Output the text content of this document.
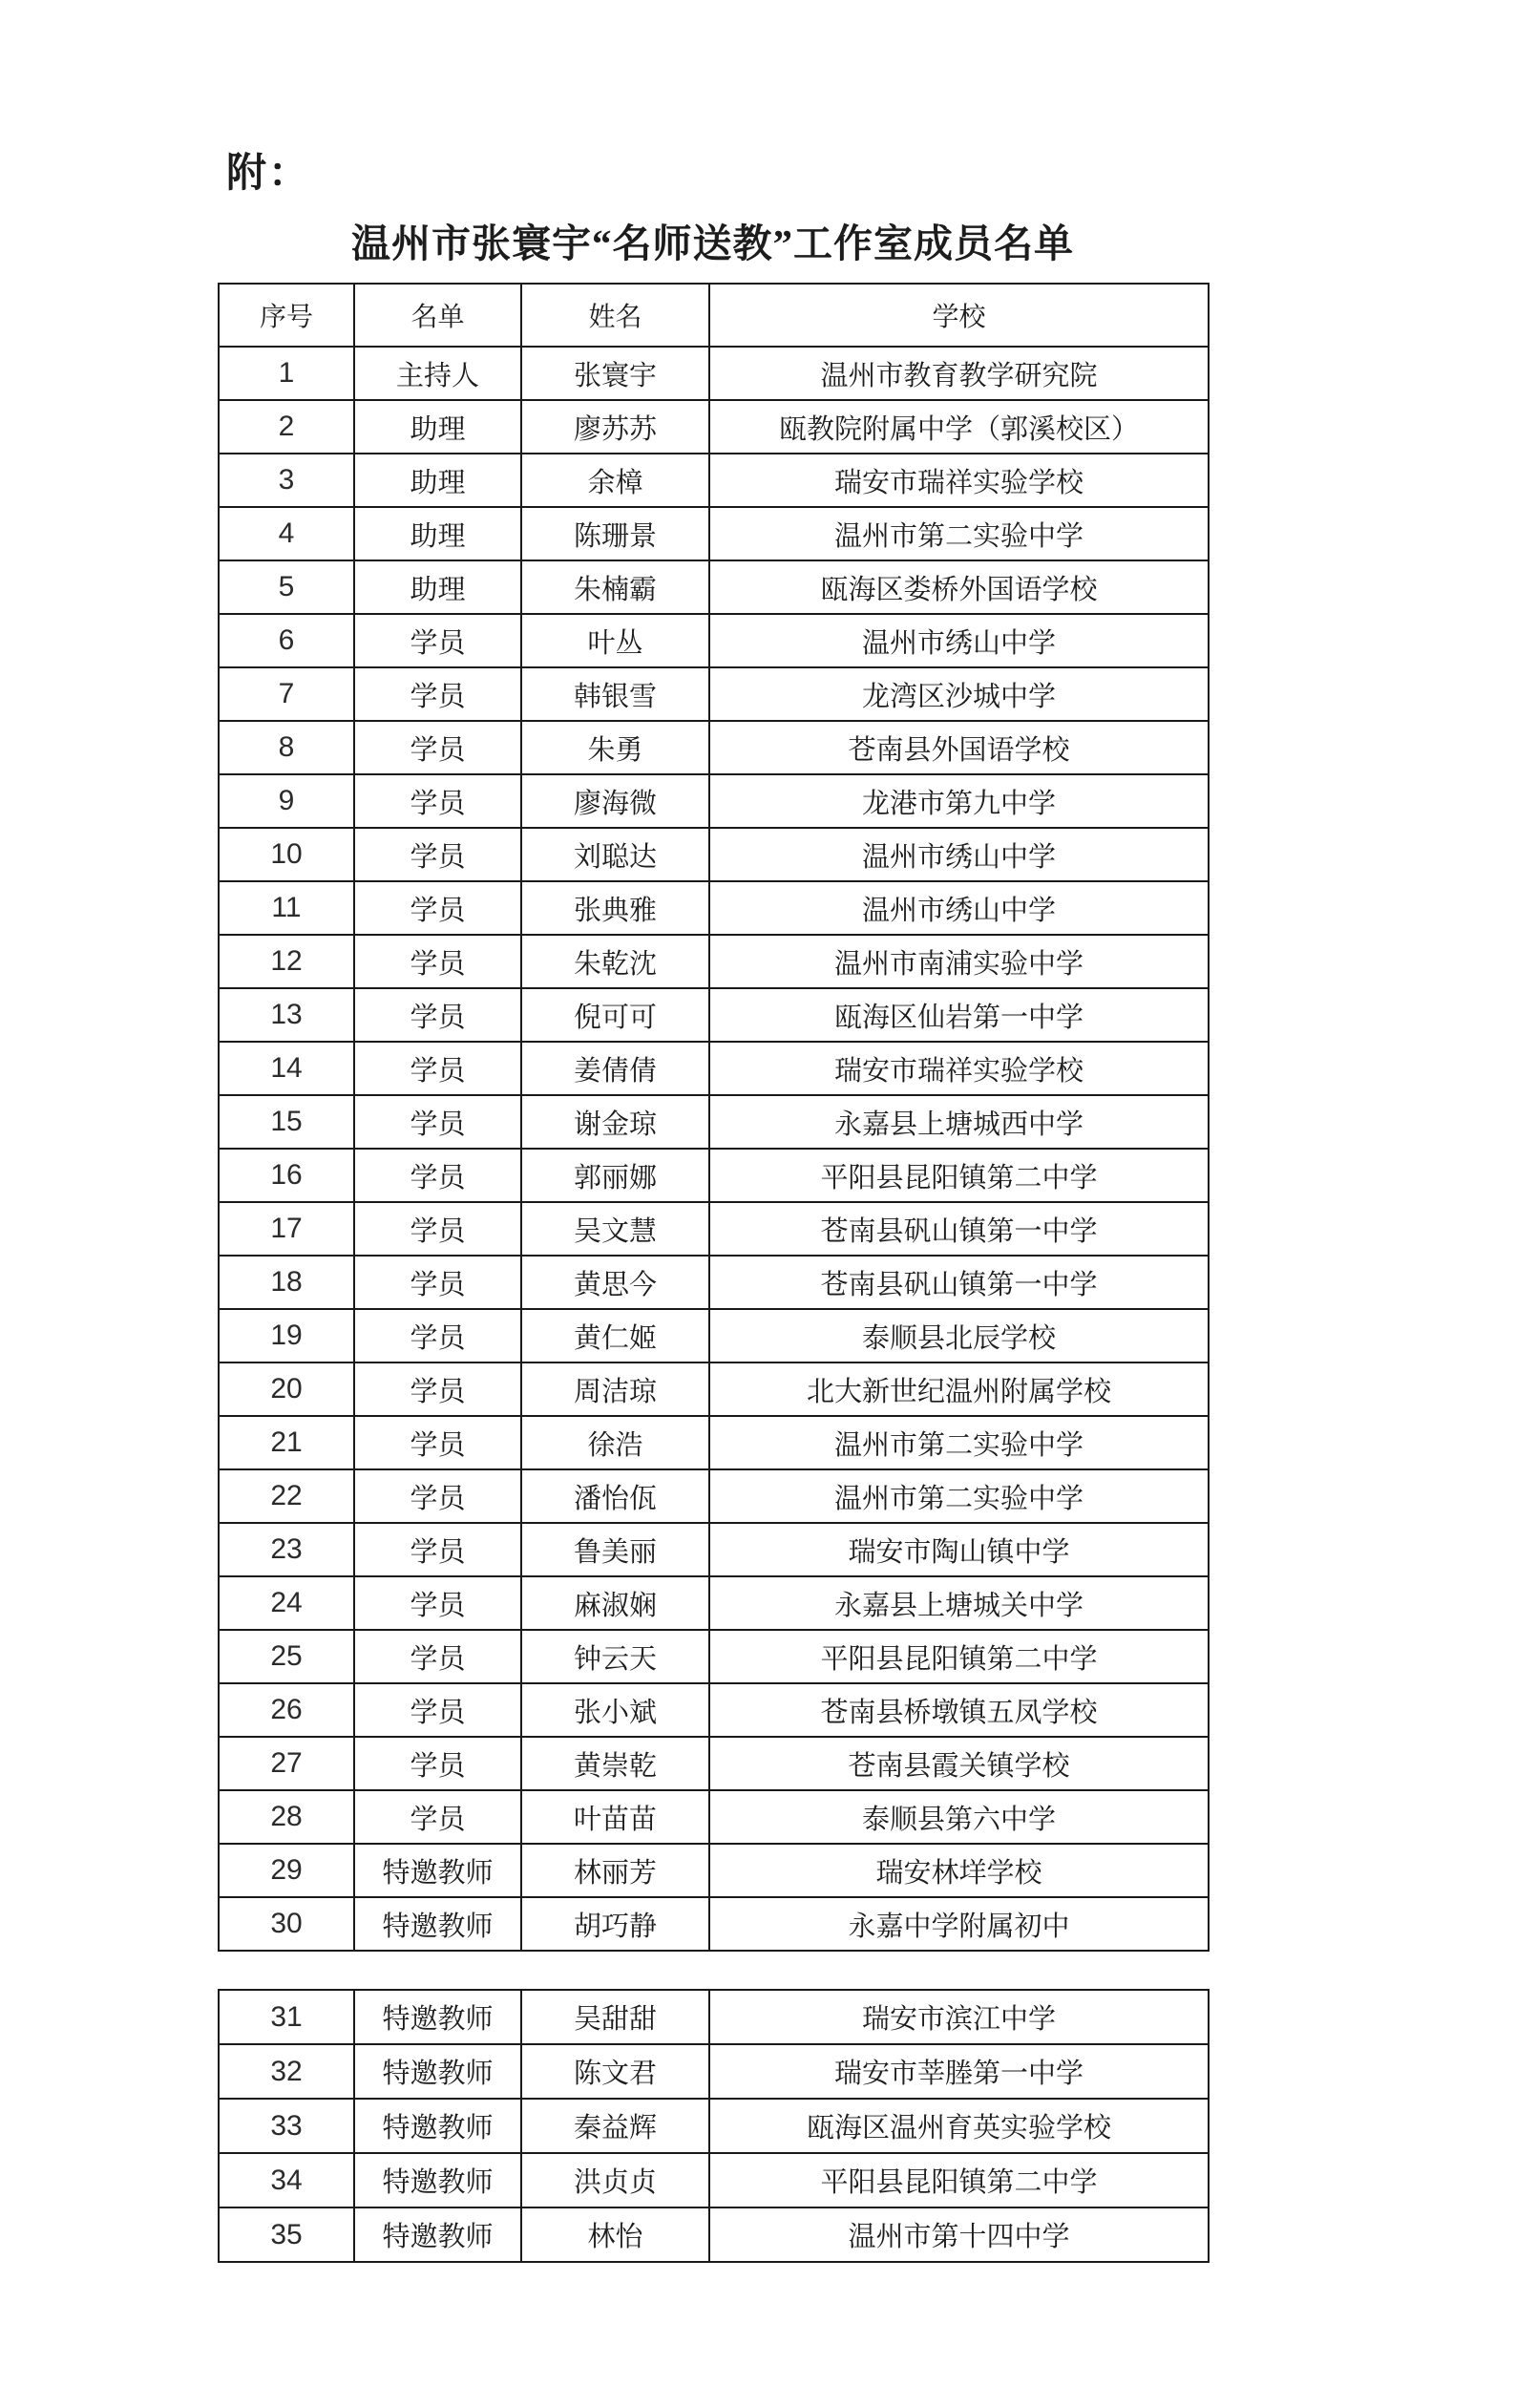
附：
温州市张寰宇“名师送教”工作室成员名单
序号	名单	姓名	学校
1	主持人	张寰宇	温州市教育教学研究院
2	助理	廖苏苏	瓯教院附属中学（郭溪校区）
3	助理	余樟	瑞安市瑞祥实验学校
4	助理	陈珊景	温州市第二实验中学
5	助理	朱楠霸	瓯海区娄桥外国语学校
6	学员	叶丛	温州市绣山中学
7	学员	韩银雪	龙湾区沙城中学
8	学员	朱勇	苍南县外国语学校
9	学员	廖海微	龙港市第九中学
10	学员	刘聪达	温州市绣山中学
11	学员	张典雅	温州市绣山中学
12	学员	朱乾沈	温州市南浦实验中学
13	学员	倪可可	瓯海区仙岩第一中学
14	学员	姜倩倩	瑞安市瑞祥实验学校
15	学员	谢金琼	永嘉县上塘城西中学
16	学员	郭丽娜	平阳县昆阳镇第二中学
17	学员	吴文慧	苍南县矾山镇第一中学
18	学员	黄思今	苍南县矾山镇第一中学
19	学员	黄仁姬	泰顺县北辰学校
20	学员	周洁琼	北大新世纪温州附属学校
21	学员	徐浩	温州市第二实验中学
22	学员	潘怡佤	温州市第二实验中学
23	学员	鲁美丽	瑞安市陶山镇中学
24	学员	麻淑娴	永嘉县上塘城关中学
25	学员	钟云天	平阳县昆阳镇第二中学
26	学员	张小斌	苍南县桥墩镇五凤学校
27	学员	黄崇乾	苍南县霞关镇学校
28	学员	叶苗苗	泰顺县第六中学
29	特邀教师	林丽芳	瑞安林垟学校
30	特邀教师	胡巧静	永嘉中学附属初中
31	特邀教师	吴甜甜	瑞安市滨江中学
32	特邀教师	陈文君	瑞安市莘塍第一中学
33	特邀教师	秦益辉	瓯海区温州育英实验学校
34	特邀教师	洪贞贞	平阳县昆阳镇第二中学
35	特邀教师	林怡	温州市第十四中学
